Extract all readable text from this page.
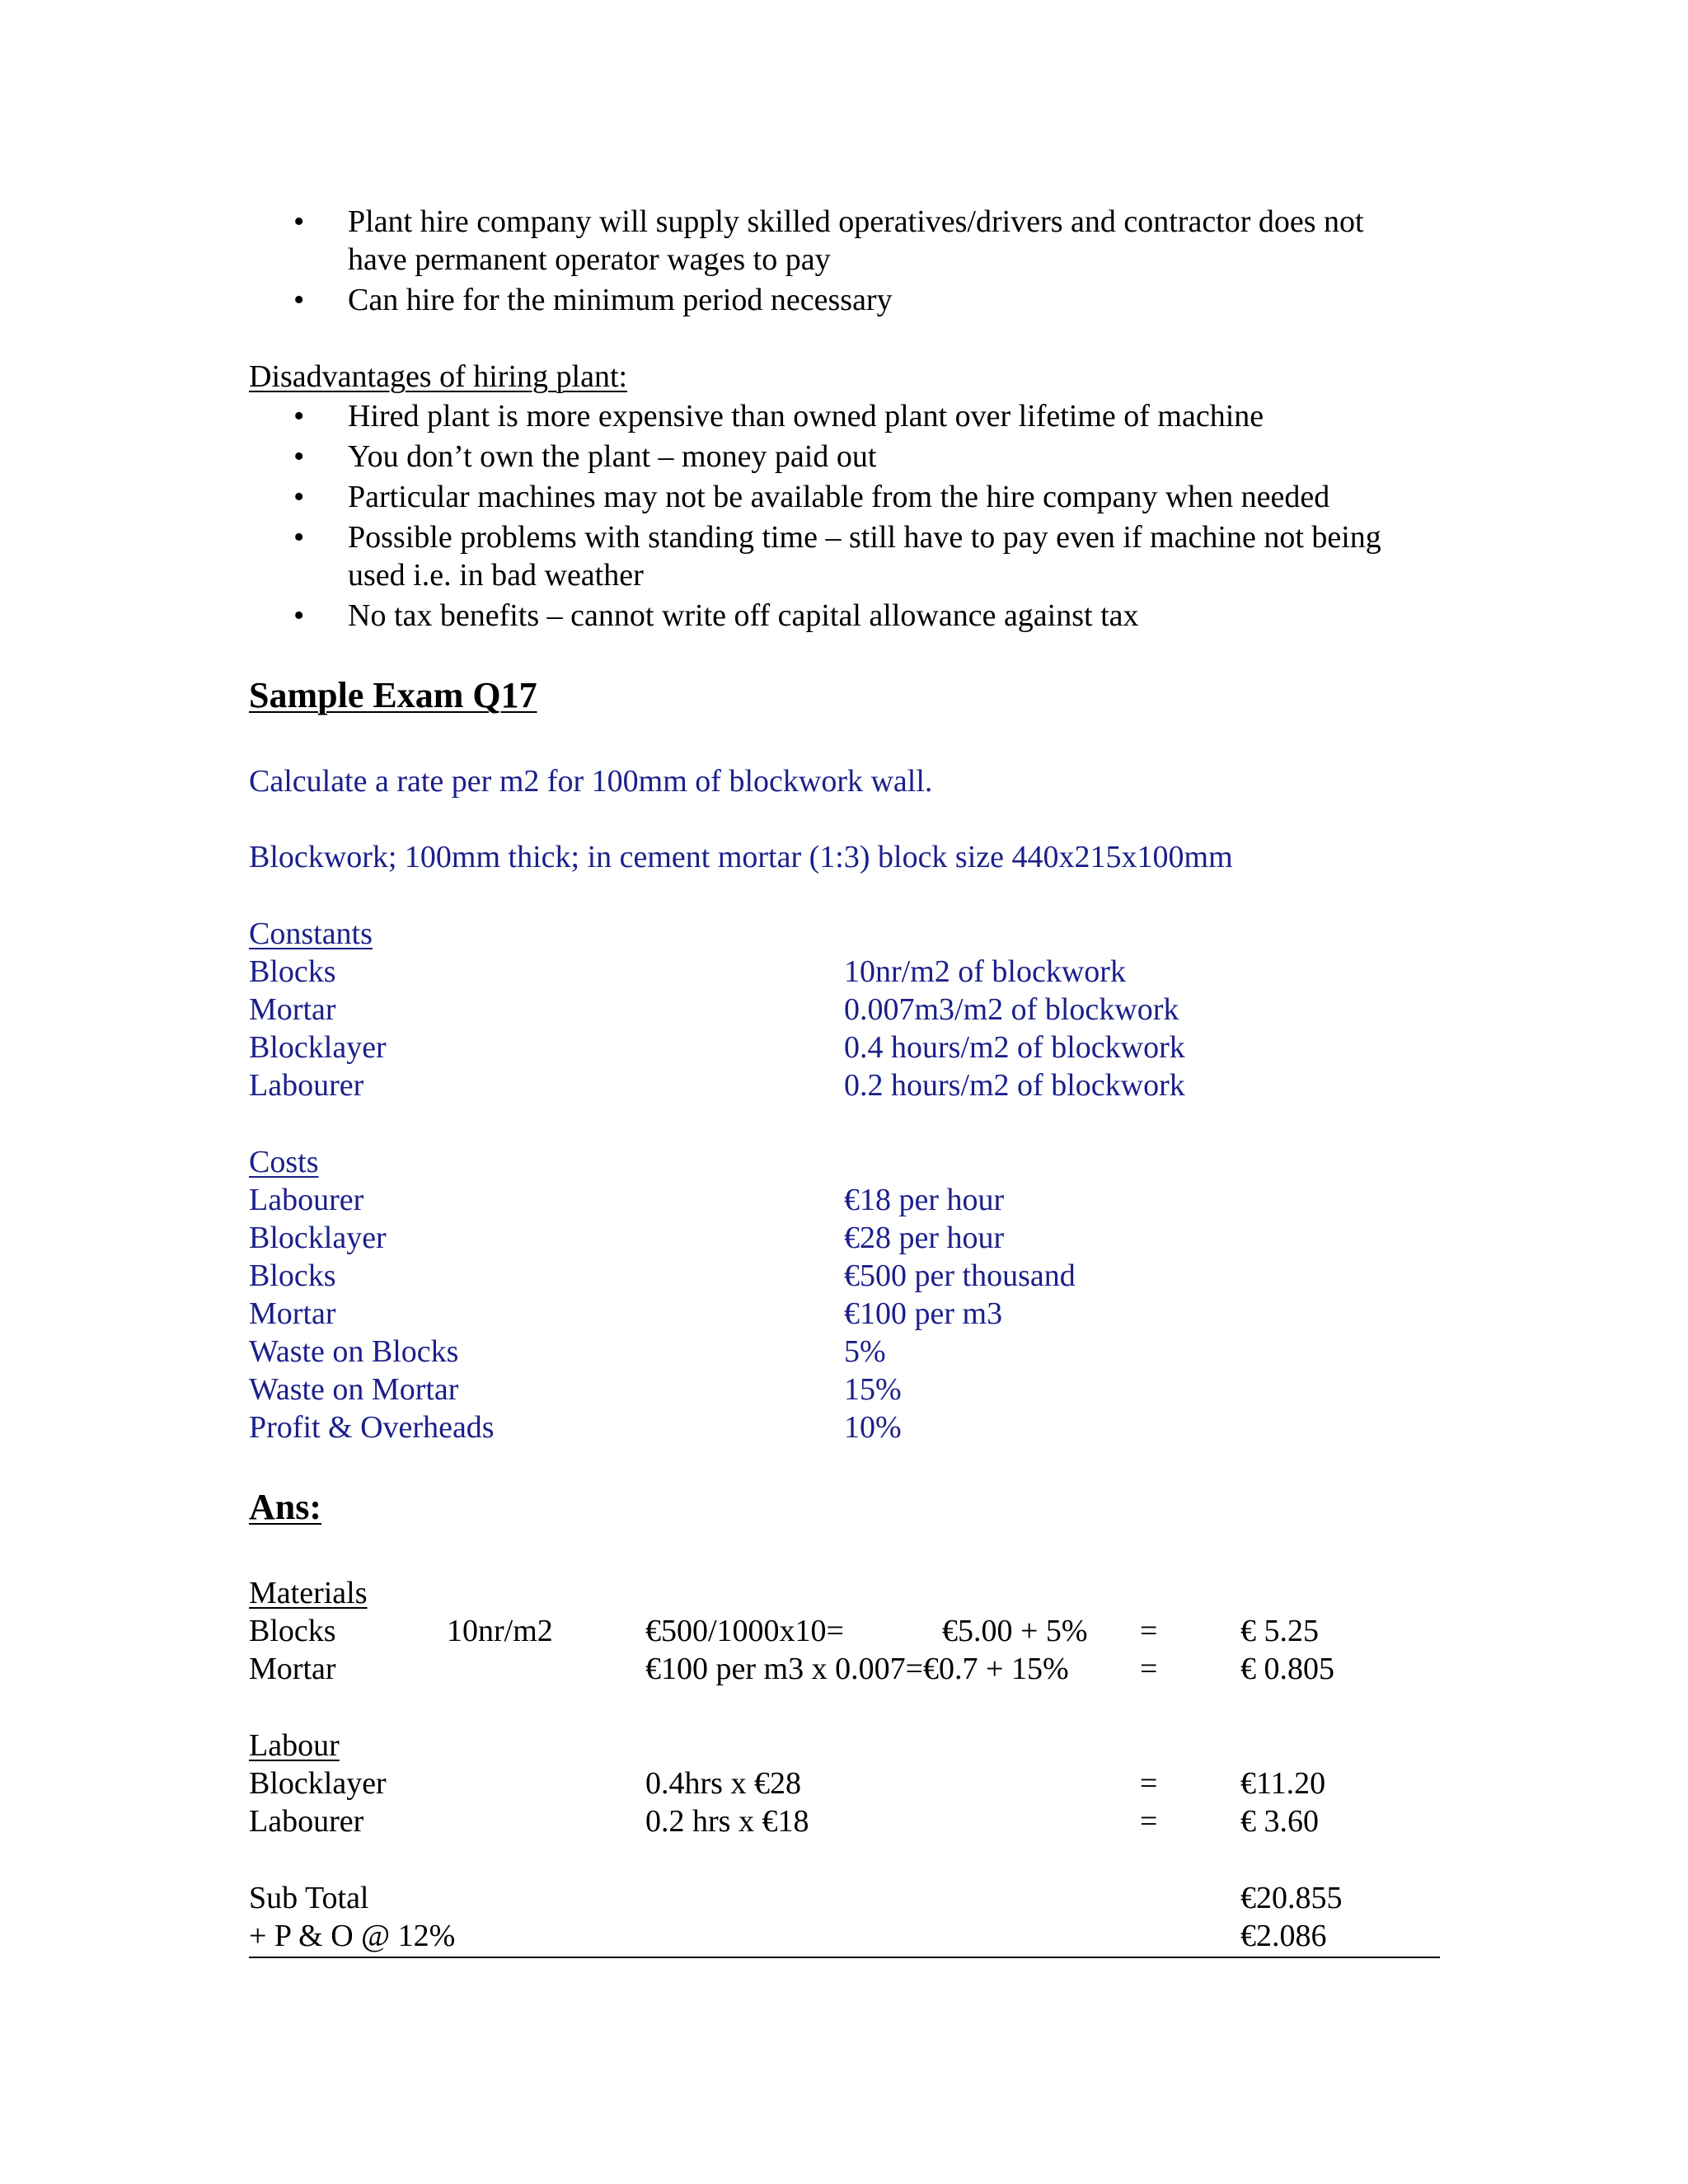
• Plant hire company will supply skilled operatives/drivers and contractor does not
have permanent operator wages to pay
• Can hire for the minimum period necessary
Disadvantages of hiring plant:
• Hired plant is more expensive than owned plant over lifetime of machine
• You don’t own the plant – money paid out
• Particular machines may not be available from the hire company when needed
• Possible problems with standing time – still have to pay even if machine not being
used i.e. in bad weather
• No tax benefits – cannot write off capital allowance against tax
Sample Exam Q17
Calculate a rate per m2 for 100mm of blockwork wall.
Blockwork; 100mm thick; in cement mortar (1:3) block size 440x215x100mm
Constants
Blocks	10nr/m2 of blockwork
Mortar	0.007m3/m2 of blockwork
Blocklayer	0.4 hours/m2 of blockwork
Labourer	0.2 hours/m2 of blockwork
Costs
Labourer	€18 per hour
Blocklayer	€28 per hour
Blocks	€500 per thousand
Mortar	€100 per m3
Waste on Blocks	5%
Waste on Mortar	15%
Profit & Overheads	10%
Ans:
Materials
Blocks	10nr/m2	€500/1000x10=	€5.00 + 5% =	€ 5.25
Mortar	€100 per m3 x 0.007=€0.7 + 15% =	€ 0.805
Labour
Blocklayer	0.4hrs x €28	=	€11.20
Labourer	0.2 hrs x €18	=	€ 3.60
Sub Total	€20.855
+ P & O @ 12%	€2.086
